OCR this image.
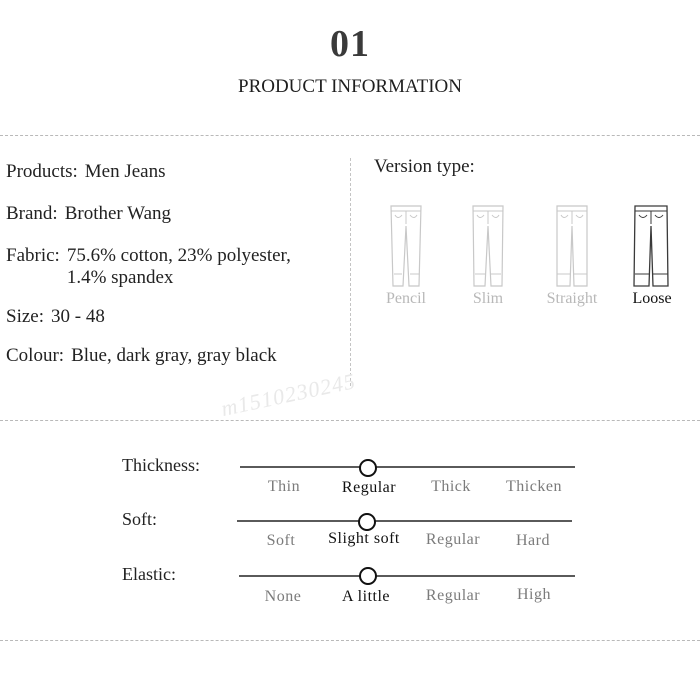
01
PRODUCT INFORMATION
Products: Men Jeans
Brand: Brother Wang
Fabric: 75.6% cotton, 23% polyester, 1.4% spandex
Size: 30 - 48
Colour: Blue, dark gray, gray black
Version type:
Pencil	Slim	Straight	Loose
m1510230245
Thickness:
Thin	Regular	Thick	Thicken
Soft:
Soft	Slight soft	Regular	Hard
Elastic:
None	A little	Regular	High
